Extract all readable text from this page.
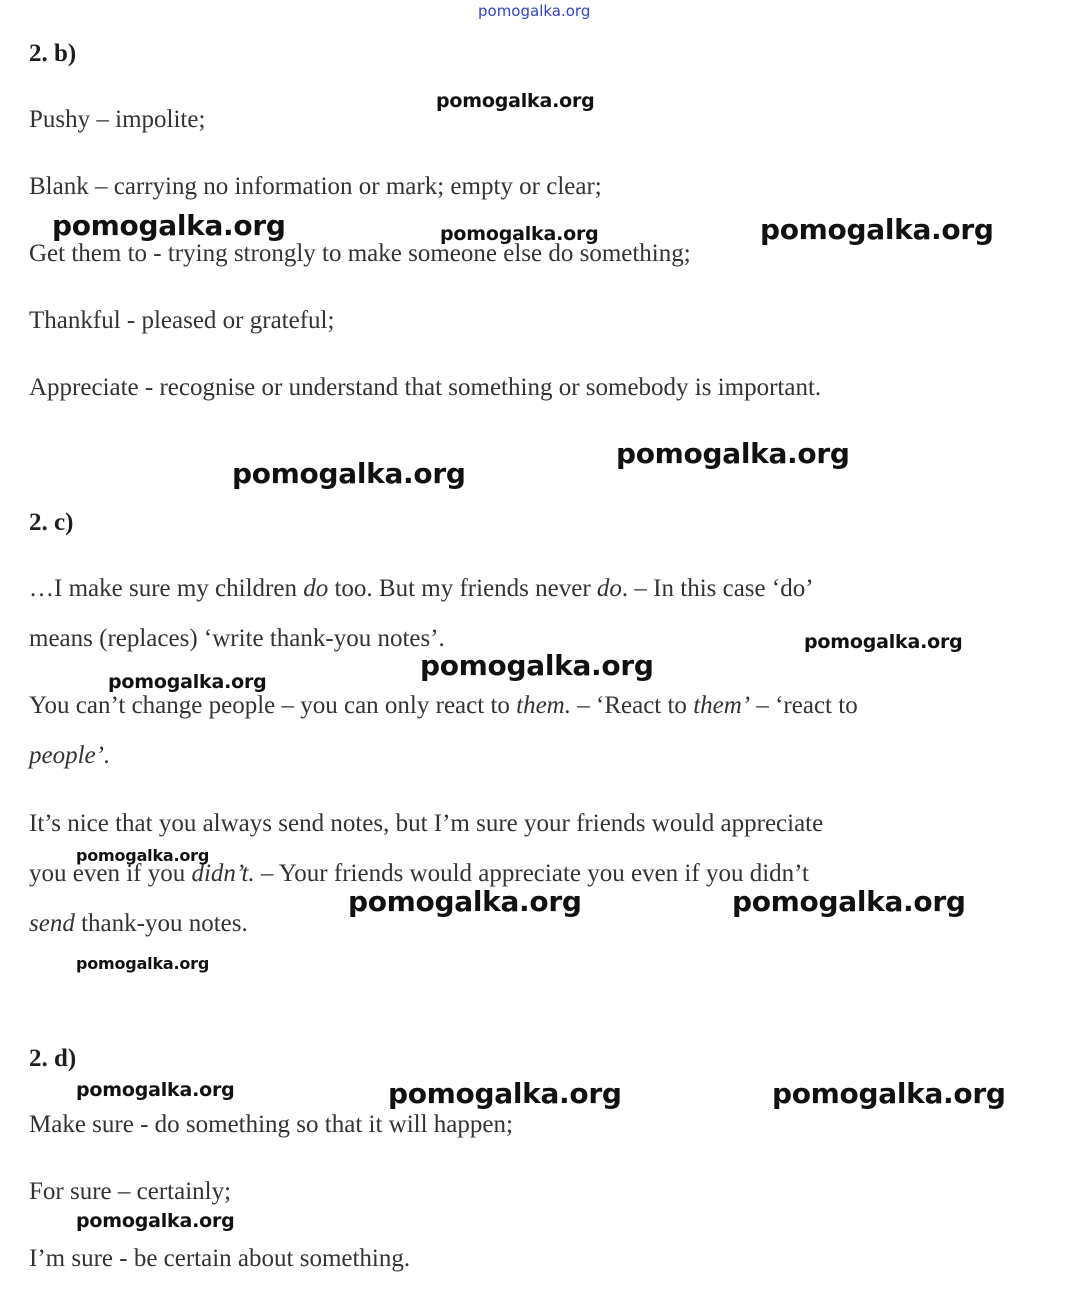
pomogalka.org
2. b)
Pushy – impolite;
Blank – carrying no information or mark; empty or clear;
Get them to - trying strongly to make someone else do something;
Thankful - pleased or grateful;
Appreciate - recognise or understand that something or somebody is important.
2. c)
…I make sure my children do too. But my friends never do. – In this case ‘do’
means (replaces) ‘write thank-you notes’.
You can’t change people – you can only react to them. – ‘React to them’ – ‘react to
people’.
It’s nice that you always send notes, but I’m sure your friends would appreciate
you even if you didn’t. – Your friends would appreciate you even if you didn’t
send thank-you notes.
2. d)
Make sure - do something so that it will happen;
For sure – certainly;
I’m sure - be certain about something.
pomogalka.org
pomogalka.org	pomogalka.org	pomogalka.org
pomogalka.org
pomogalka.org
pomogalka.org
pomogalka.org
pomogalka.org
pomogalka.org
pomogalka.org	pomogalka.org
pomogalka.org
pomogalka.org	pomogalka.org	pomogalka.org
pomogalka.org
